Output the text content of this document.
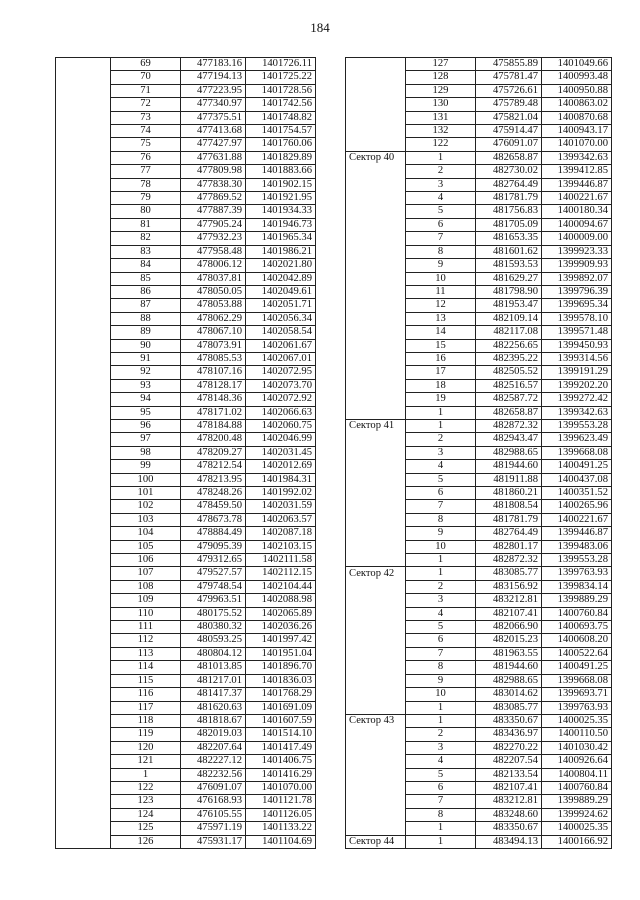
184
	69	477183.16	1401726.11
	70	477194.13	1401725.22
	71	477223.95	1401728.56
	72	477340.97	1401742.56
	73	477375.51	1401748.82
	74	477413.68	1401754.57
	75	477427.97	1401760.06
	76	477631.88	1401829.89
	77	477809.98	1401883.66
	78	477838.30	1401902.15
	79	477869.52	1401921.95
	80	477887.39	1401934.33
	81	477905.24	1401946.73
	82	477932.23	1401965.34
	83	477958.48	1401986.21
	84	478006.12	1402021.80
	85	478037.81	1402042.89
	86	478050.05	1402049.61
	87	478053.88	1402051.71
	88	478062.29	1402056.34
	89	478067.10	1402058.54
	90	478073.91	1402061.67
	91	478085.53	1402067.01
	92	478107.16	1402072.95
	93	478128.17	1402073.70
	94	478148.36	1402072.92
	95	478171.02	1402066.63
	96	478184.88	1402060.75
	97	478200.48	1402046.99
	98	478209.27	1402031.45
	99	478212.54	1402012.69
	100	478213.95	1401984.31
	101	478248.26	1401992.02
	102	478459.50	1402031.59
	103	478673.78	1402063.57
	104	478884.49	1402087.18
	105	479095.39	1402103.15
	106	479312.65	1402111.58
	107	479527.57	1402112.15
	108	479748.54	1402104.44
	109	479963.51	1402088.98
	110	480175.52	1402065.89
	111	480380.32	1402036.26
	112	480593.25	1401997.42
	113	480804.12	1401951.04
	114	481013.85	1401896.70
	115	481217.01	1401836.03
	116	481417.37	1401768.29
	117	481620.63	1401691.09
	118	481818.67	1401607.59
	119	482019.03	1401514.10
	120	482207.64	1401417.49
	121	482227.12	1401406.75
	1	482232.56	1401416.29
	122	476091.07	1401070.00
	123	476168.93	1401121.78
	124	476105.55	1401126.05
	125	475971.19	1401133.22
	126	475931.17	1401104.69
	127	475855.89	1401049.66
	128	475781.47	1400993.48
	129	475726.61	1400950.88
	130	475789.48	1400863.02
	131	475821.04	1400870.68
	132	475914.47	1400943.17
	122	476091.07	1401070.00
Сектор 40	1	482658.87	1399342.63
	2	482730.02	1399412.85
	3	482764.49	1399446.87
	4	481781.79	1400221.67
	5	481756.83	1400180.34
	6	481705.09	1400094.67
	7	481653.35	1400009.00
	8	481601.62	1399923.33
	9	481593.53	1399909.93
	10	481629.27	1399892.07
	11	481798.90	1399796.39
	12	481953.47	1399695.34
	13	482109.14	1399578.10
	14	482117.08	1399571.48
	15	482256.65	1399450.93
	16	482395.22	1399314.56
	17	482505.52	1399191.29
	18	482516.57	1399202.20
	19	482587.72	1399272.42
	1	482658.87	1399342.63
Сектор 41	1	482872.32	1399553.28
	2	482943.47	1399623.49
	3	482988.65	1399668.08
	4	481944.60	1400491.25
	5	481911.88	1400437.08
	6	481860.21	1400351.52
	7	481808.54	1400265.96
	8	481781.79	1400221.67
	9	482764.49	1399446.87
	10	482801.17	1399483.06
	1	482872.32	1399553.28
Сектор 42	1	483085.77	1399763.93
	2	483156.92	1399834.14
	3	483212.81	1399889.29
	4	482107.41	1400760.84
	5	482066.90	1400693.75
	6	482015.23	1400608.20
	7	481963.55	1400522.64
	8	481944.60	1400491.25
	9	482988.65	1399668.08
	10	483014.62	1399693.71
	1	483085.77	1399763.93
Сектор 43	1	483350.67	1400025.35
	2	483436.97	1400110.50
	3	482270.22	1401030.42
	4	482207.54	1400926.64
	5	482133.54	1400804.11
	6	482107.41	1400760.84
	7	483212.81	1399889.29
	8	483248.60	1399924.62
	1	483350.67	1400025.35
Сектор 44	1	483494.13	1400166.92
